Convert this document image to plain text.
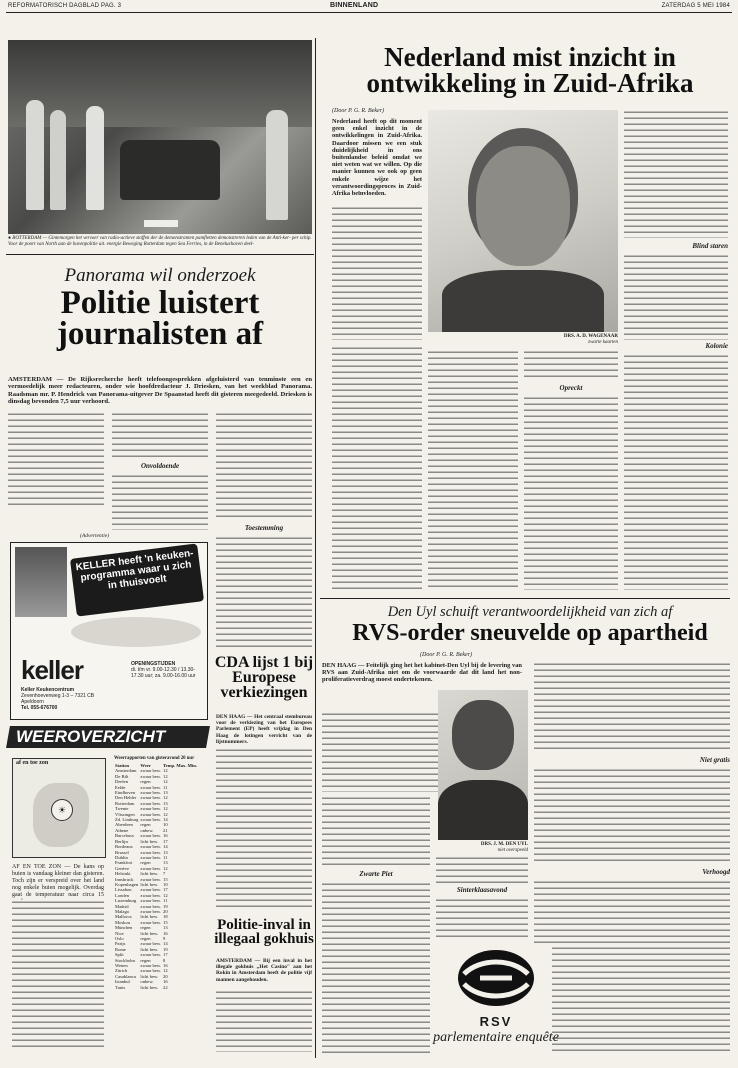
REFORMATORISCH DAGBLAD PAG. 3	BINNENLAND	ZATERDAG 5 MEI 1984
● ROTTERDAM — Gintemorgen het vervoer van radio-actieve stoffen der de demonstranten pamfletten demonstreren leden van de Anti-ker- per schip. Voor de poort van North aan de havenpolitie uit. energie Beweging Rotterdam tegen Sea Ferries, in de Beneluxhaven deel-
Panorama wil onderzoek
Politie luistert journalisten af
AMSTERDAM — De Rijksrecherche heeft telefoongesprekken afgeluisterd van tenminste een en vermoedelijk meer redacteuren, onder wie hoofdredacteur J. Driesken, van het weekblad Panorama. Raadsman mr. P. Hendrick van Panorama-uitgever De Spaanstad heeft dit gisteren meegedeeld. Driesken is dinsdag bevonden 7,5 uur verhoord.
Onvoldoende
Toestemming
(Advertentie)
KELLER heeft 'n keuken-programma waar u zich in thuisvoelt
keller
Keller Keukencentrum
Zevenhoevenweg 1-3 – 7321 CB Apeldoorn
Tel. 055-676700
OPENINGSTIJDEN
di. t/m vr. 9.00-12.30 / 13.30-17.30 uur; za. 9.00-16.00 uur
WEEROVERZICHT
af en toe zon
☀
Weerrapporten van gisteravond 20 uur
Station	Weer	Temp. Max. Min.
Amsterdam	zwaar bew.	12
De Bilt	zwaar bew.	12
Deelen	regen	12
Eelde	zwaar bew.	11
Eindhoven	zwaar bew.	13
Den Helder	zwaar bew.	12
Rotterdam	zwaar bew.	13
Twente	zwaar bew.	12
Vlissingen	zwaar bew.	12
Zd. Limburg	zwaar bew.	14
Aberdeen	regen	10
Athene	onbew.	21
Barcelona	zwaar bew.	16
Berlijn	licht bew.	17
Bordeaux	zwaar bew.	14
Brussel	zwaar bew.	13
Dublin	zwaar bew.	11
Frankfort	regen	13
Genève	zwaar bew.	12
Helsinki	licht bew.	7
Innsbruck	zwaar bew.	15
Kopenhagen	licht bew.	10
Lissabon	zwaar bew.	17
Londen	zwaar bew.	12
Luxemburg	zwaar bew.	11
Madrid	zwaar bew.	19
Malaga	zwaar bew.	20
Mallorca	licht bew.	18
Moskou	zwaar bew.	15
München	regen	13
Nice	licht bew.	16
Oslo	regen	9
Parijs	zwaar bew.	14
Rome	licht bew.	19
Split	zwaar bew.	17
Stockholm	regen	8
Wenen	zwaar bew.	16
Zürich	zwaar bew.	12
Casablanca	licht bew.	20
Istanbul	onbew.	16
Tunis	licht bew.	22
AF EN TOE ZON — De kans op buien is vandaag kleiner dan gisteren. Toch zijn er verspreid over het land nog enkele buien mogelijk. Overdag gaat de temperatuur naar circa 15
CDA lijst 1 bij Europese verkiezingen
DEN HAAG — Het centraal stembureau voor de verkiezing van het Europees Parlement (EP) heeft vrijdag in Den Haag de lotingen verricht van de lijstnummers.
Politie-inval in illegaal gokhuis
AMSTERDAM — Bij een inval in het illegale gokhuis ,,Het Casino" aan het Rokin in Amsterdam heeft de politie vijf mannen aangehouden.
Nederland mist inzicht in ontwikkeling in Zuid-Afrika
(Door P. G. R. Beker)
Nederland heeft op dit moment geen enkel inzicht in de ontwikkelingen in Zuid-Afrika. Daardoor missen we een stuk duidelijkheid in ons buitenlandse beleid omdat we niet weten wat we willen. Op die manier kunnen we ook op geen enkele wijze het verantwoordingsproces in Zuid-Afrika beïnvloeden.
DRS. A. D. WAGENAAR
zwarte kaarten
Opreckt
Blind staren
Kolonie
Den Uyl schuift verantwoordelijkheid van zich af
RVS-order sneuvelde op apartheid
(Door P. G. R. Beker)
DEN HAAG — Feitelijk ging het het kabinet-Den Uyl bij de levering van RVS aan Zuid-Afrika niet om de voorwaarde dat dit land het non-proliferatieverdrag moest ondertekenen.
DRS. J. M. DEN UYL
niet overspeeld
Zwarte Piet
Sinterklaasavond
Niet gratis
Verhoogd
RSV
parlementaire enquête
